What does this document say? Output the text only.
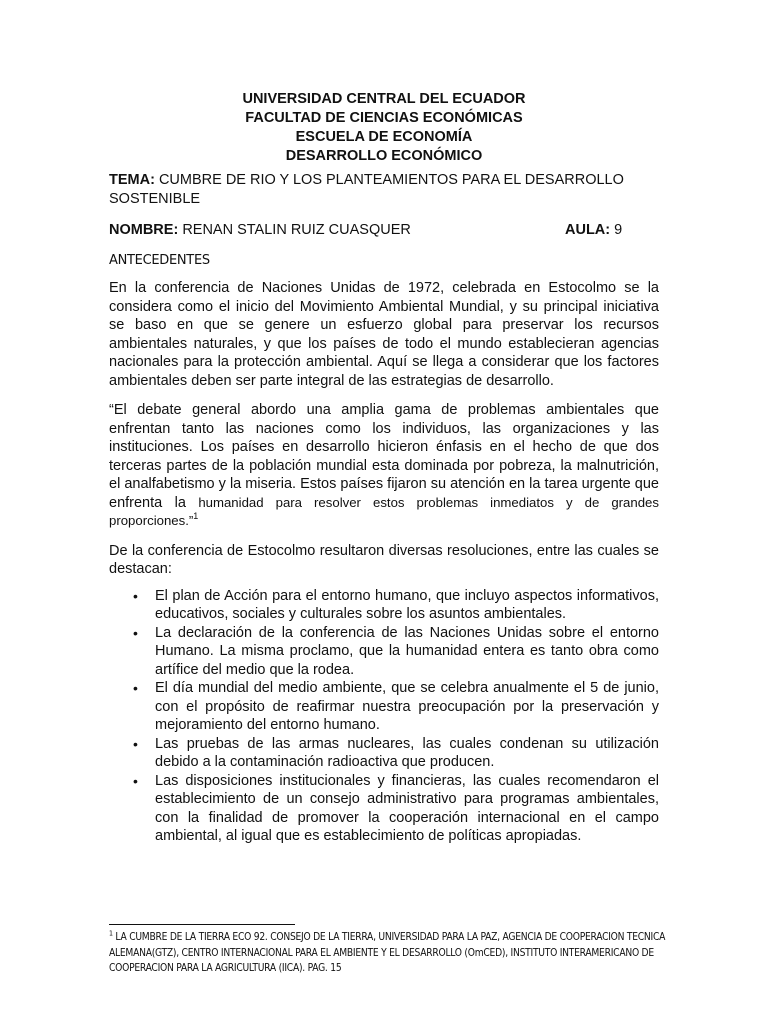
UNIVERSIDAD CENTRAL DEL ECUADOR
FACULTAD DE CIENCIAS ECONÓMICAS
ESCUELA DE ECONOMÍA
DESARROLLO ECONÓMICO
TEMA: CUMBRE DE RIO Y LOS PLANTEAMIENTOS PARA EL DESARROLLO SOSTENIBLE
NOMBRE: RENAN STALIN RUIZ CUASQUER	AULA: 9
ANTECEDENTES

En la conferencia de Naciones Unidas de 1972, celebrada en Estocolmo se la considera como el inicio del Movimiento Ambiental Mundial, y su principal iniciativa se baso en que se genere un esfuerzo global para preservar los recursos ambientales naturales, y que los países de todo el mundo establecieran agencias nacionales para la protección ambiental. Aquí se llega a considerar que los factores ambientales deben ser parte integral de las estrategias de desarrollo.

“El debate general abordo una amplia gama de problemas ambientales que enfrentan tanto las naciones como los individuos, las organizaciones y las instituciones. Los países en desarrollo hicieron énfasis en el hecho de que dos terceras partes de la población mundial esta dominada por pobreza, la malnutrición, el analfabetismo y la miseria. Estos países fijaron su atención en la tarea urgente que enfrenta la humanidad para resolver estos problemas inmediatos y de grandes proporciones.”$^1$

De la conferencia de Estocolmo resultaron diversas resoluciones, entre las cuales se destacan:

• El plan de Acción para el entorno humano, que incluyo aspectos informativos, educativos, sociales y culturales sobre los asuntos ambientales.
• La declaración de la conferencia de las Naciones Unidas sobre el entorno Humano. La misma proclamo, que la humanidad entera es tanto obra como artífice del medio que la rodea.
• El día mundial del medio ambiente, que se celebra anualmente el 5 de junio, con el propósito de reafirmar nuestra preocupación por la preservación y mejoramiento del entorno humano.
• Las pruebas de las armas nucleares, las cuales condenan su utilización debido a la contaminación radioactiva que producen.
• Las disposiciones institucionales y financieras, las cuales recomendaron el establecimiento de un consejo administrativo para programas ambientales, con la finalidad de promover la cooperación internacional en el campo ambiental, al igual que es establecimiento de políticas apropiadas.
$^1$ LA CUMBRE DE LA TIERRA ECO 92. CONSEJO DE LA TIERRA, UNIVERSIDAD PARA LA PAZ, AGENCIA DE COOPERACION TECNICA ALEMANA(GTZ), CENTRO INTERNACIONAL PARA EL AMBIENTE Y EL DESARROLLO (OmCED), INSTITUTO INTERAMERICANO DE COOPERACION PARA LA AGRICULTURA (IICA). PAG. 15
